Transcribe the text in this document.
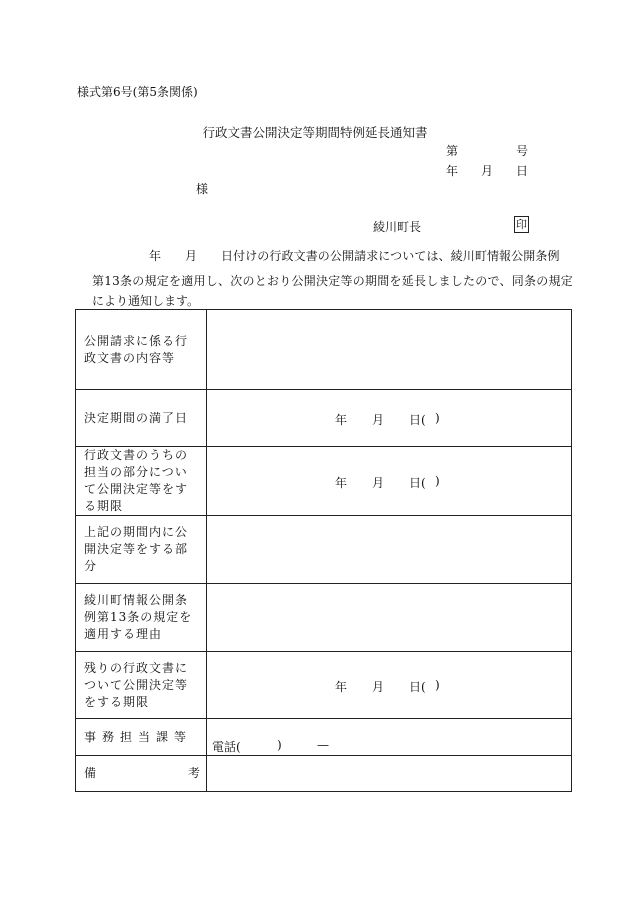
様式第6号(第5条関係)
行政文書公開決定等期間特例延長通知書
第	号
年 月 日
様
綾川町長	印
年 月 日付けの行政文書の公開請求については、綾川町情報公開条例
第13条の規定を適用し、次のとおり公開決定等の期間を延長しましたので、同条の規定
により通知します。
公開請求に係る行政文書の内容等	
決定期間の満了日	年 月 日( )

行政文書のうちの担当の部分について公開決定等をする期限	年 月 日( )

上記の期間内に公開決定等をする部分	
綾川町情報公開条例第13条の規定を適用する理由	
残りの行政文書について公開決定等をする期限	年 月 日( )

事務担当課等	電話( ) —

備 考	
